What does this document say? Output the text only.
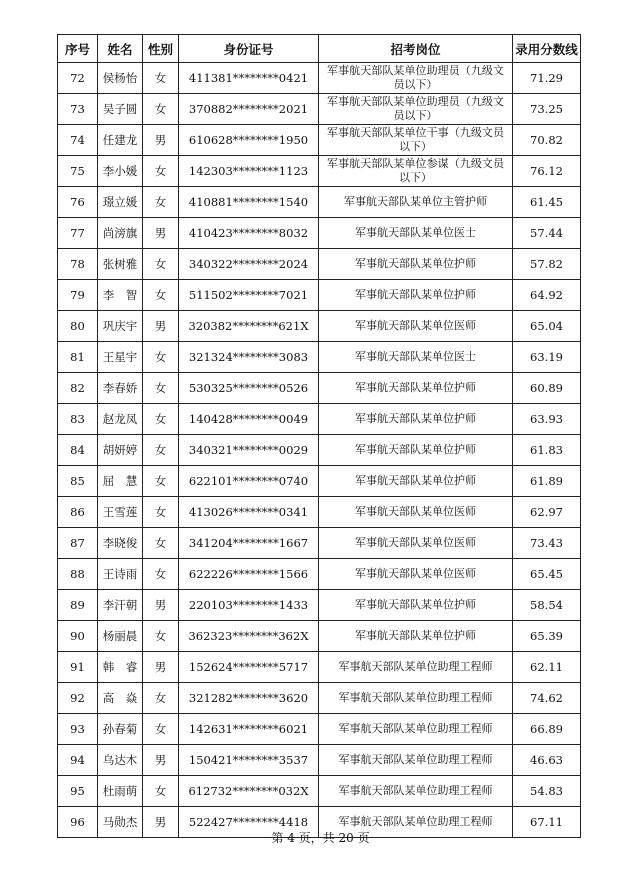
序号	姓名	性别	身份证号	招考岗位	录用分数线
72	侯杨怡	女	411381********0421	军事航天部队某单位助理员（九级文员以下）	71.29
73	吴子圆	女	370882********2021	军事航天部队某单位助理员（九级文员以下）	73.25
74	任建龙	男	610628********1950	军事航天部队某单位干事（九级文员以下）	70.82
75	李小媛	女	142303********1123	军事航天部队某单位参谋（九级文员以下）	76.12
76	璟立媛	女	410881********1540	军事航天部队某单位主管护师	61.45
77	尚滂旗	男	410423********8032	军事航天部队某单位医士	57.44
78	张树雅	女	340322********2024	军事航天部队某单位护师	57.82
79	李　智	女	511502********7021	军事航天部队某单位护师	64.92
80	巩庆宇	男	320382********621X	军事航天部队某单位医师	65.04
81	王星宇	女	321324********3083	军事航天部队某单位医士	63.19
82	李春娇	女	530325********0526	军事航天部队某单位护师	60.89
83	赵龙凤	女	140428********0049	军事航天部队某单位护师	63.93
84	胡妍婷	女	340321********0029	军事航天部队某单位护师	61.83
85	屈　慧	女	622101********0740	军事航天部队某单位护师	61.89
86	王雪莲	女	413026********0341	军事航天部队某单位医师	62.97
87	李晓俊	女	341204********1667	军事航天部队某单位医师	73.43
88	王诗雨	女	622226********1566	军事航天部队某单位医师	65.45
89	李汗朝	男	220103********1433	军事航天部队某单位护师	58.54
90	杨丽晨	女	362323********362X	军事航天部队某单位护师	65.39
91	韩　睿	男	152624********5717	军事航天部队某单位助理工程师	62.11
92	高　焱	女	321282********3620	军事航天部队某单位助理工程师	74.62
93	孙春菊	女	142631********6021	军事航天部队某单位助理工程师	66.89
94	乌达木	男	150421********3537	军事航天部队某单位助理工程师	46.63
95	杜雨萌	女	612732********032X	军事航天部队某单位助理工程师	54.83
96	马勋杰	男	522427********4418	军事航天部队某单位助理工程师	67.11
第 4 页，共 20 页
